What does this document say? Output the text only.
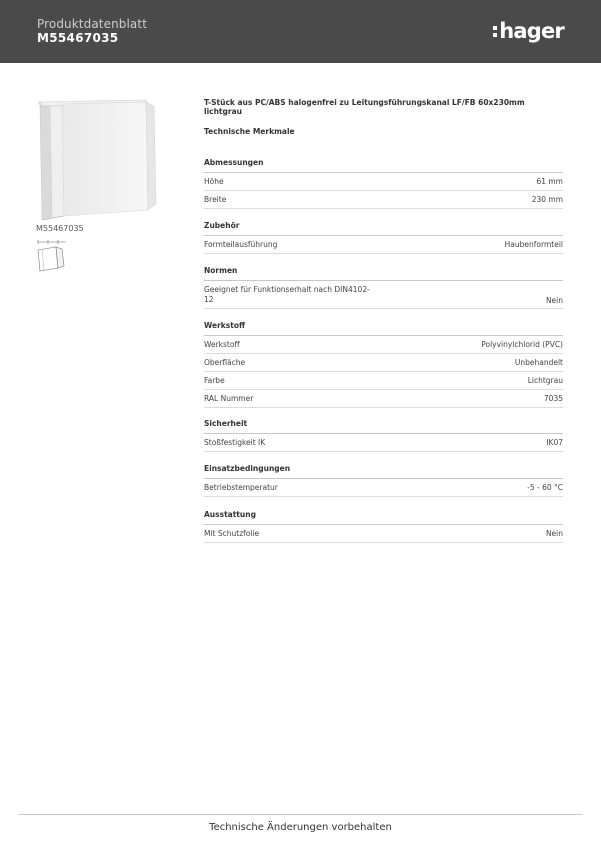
Produktdatenblatt
M55467035	hager
M55467035

T-Stück aus PC/ABS halogenfrei zu Leitungsführungskanal LF/FB 60x230mm lichtgrau

Technische Merkmale
Abmessungen
Höhe	61 mm
Breite	230 mm
Zubehör
Formteilausführung	Haubenformteil
Normen
Geeignet für Funktionserhalt nach DIN4102-12	Nein
Werkstoff
Werkstoff	Polyvinylchlorid (PVC)
Oberfläche	Unbehandelt
Farbe	Lichtgrau
RAL Nummer	7035
Sicherheit
Stoßfestigkeit IK	IK07
Einsatzbedingungen
Betriebstemperatur	-5 - 60 °C
Ausstattung
Mit Schutzfolie	Nein
Technische Änderungen vorbehalten
